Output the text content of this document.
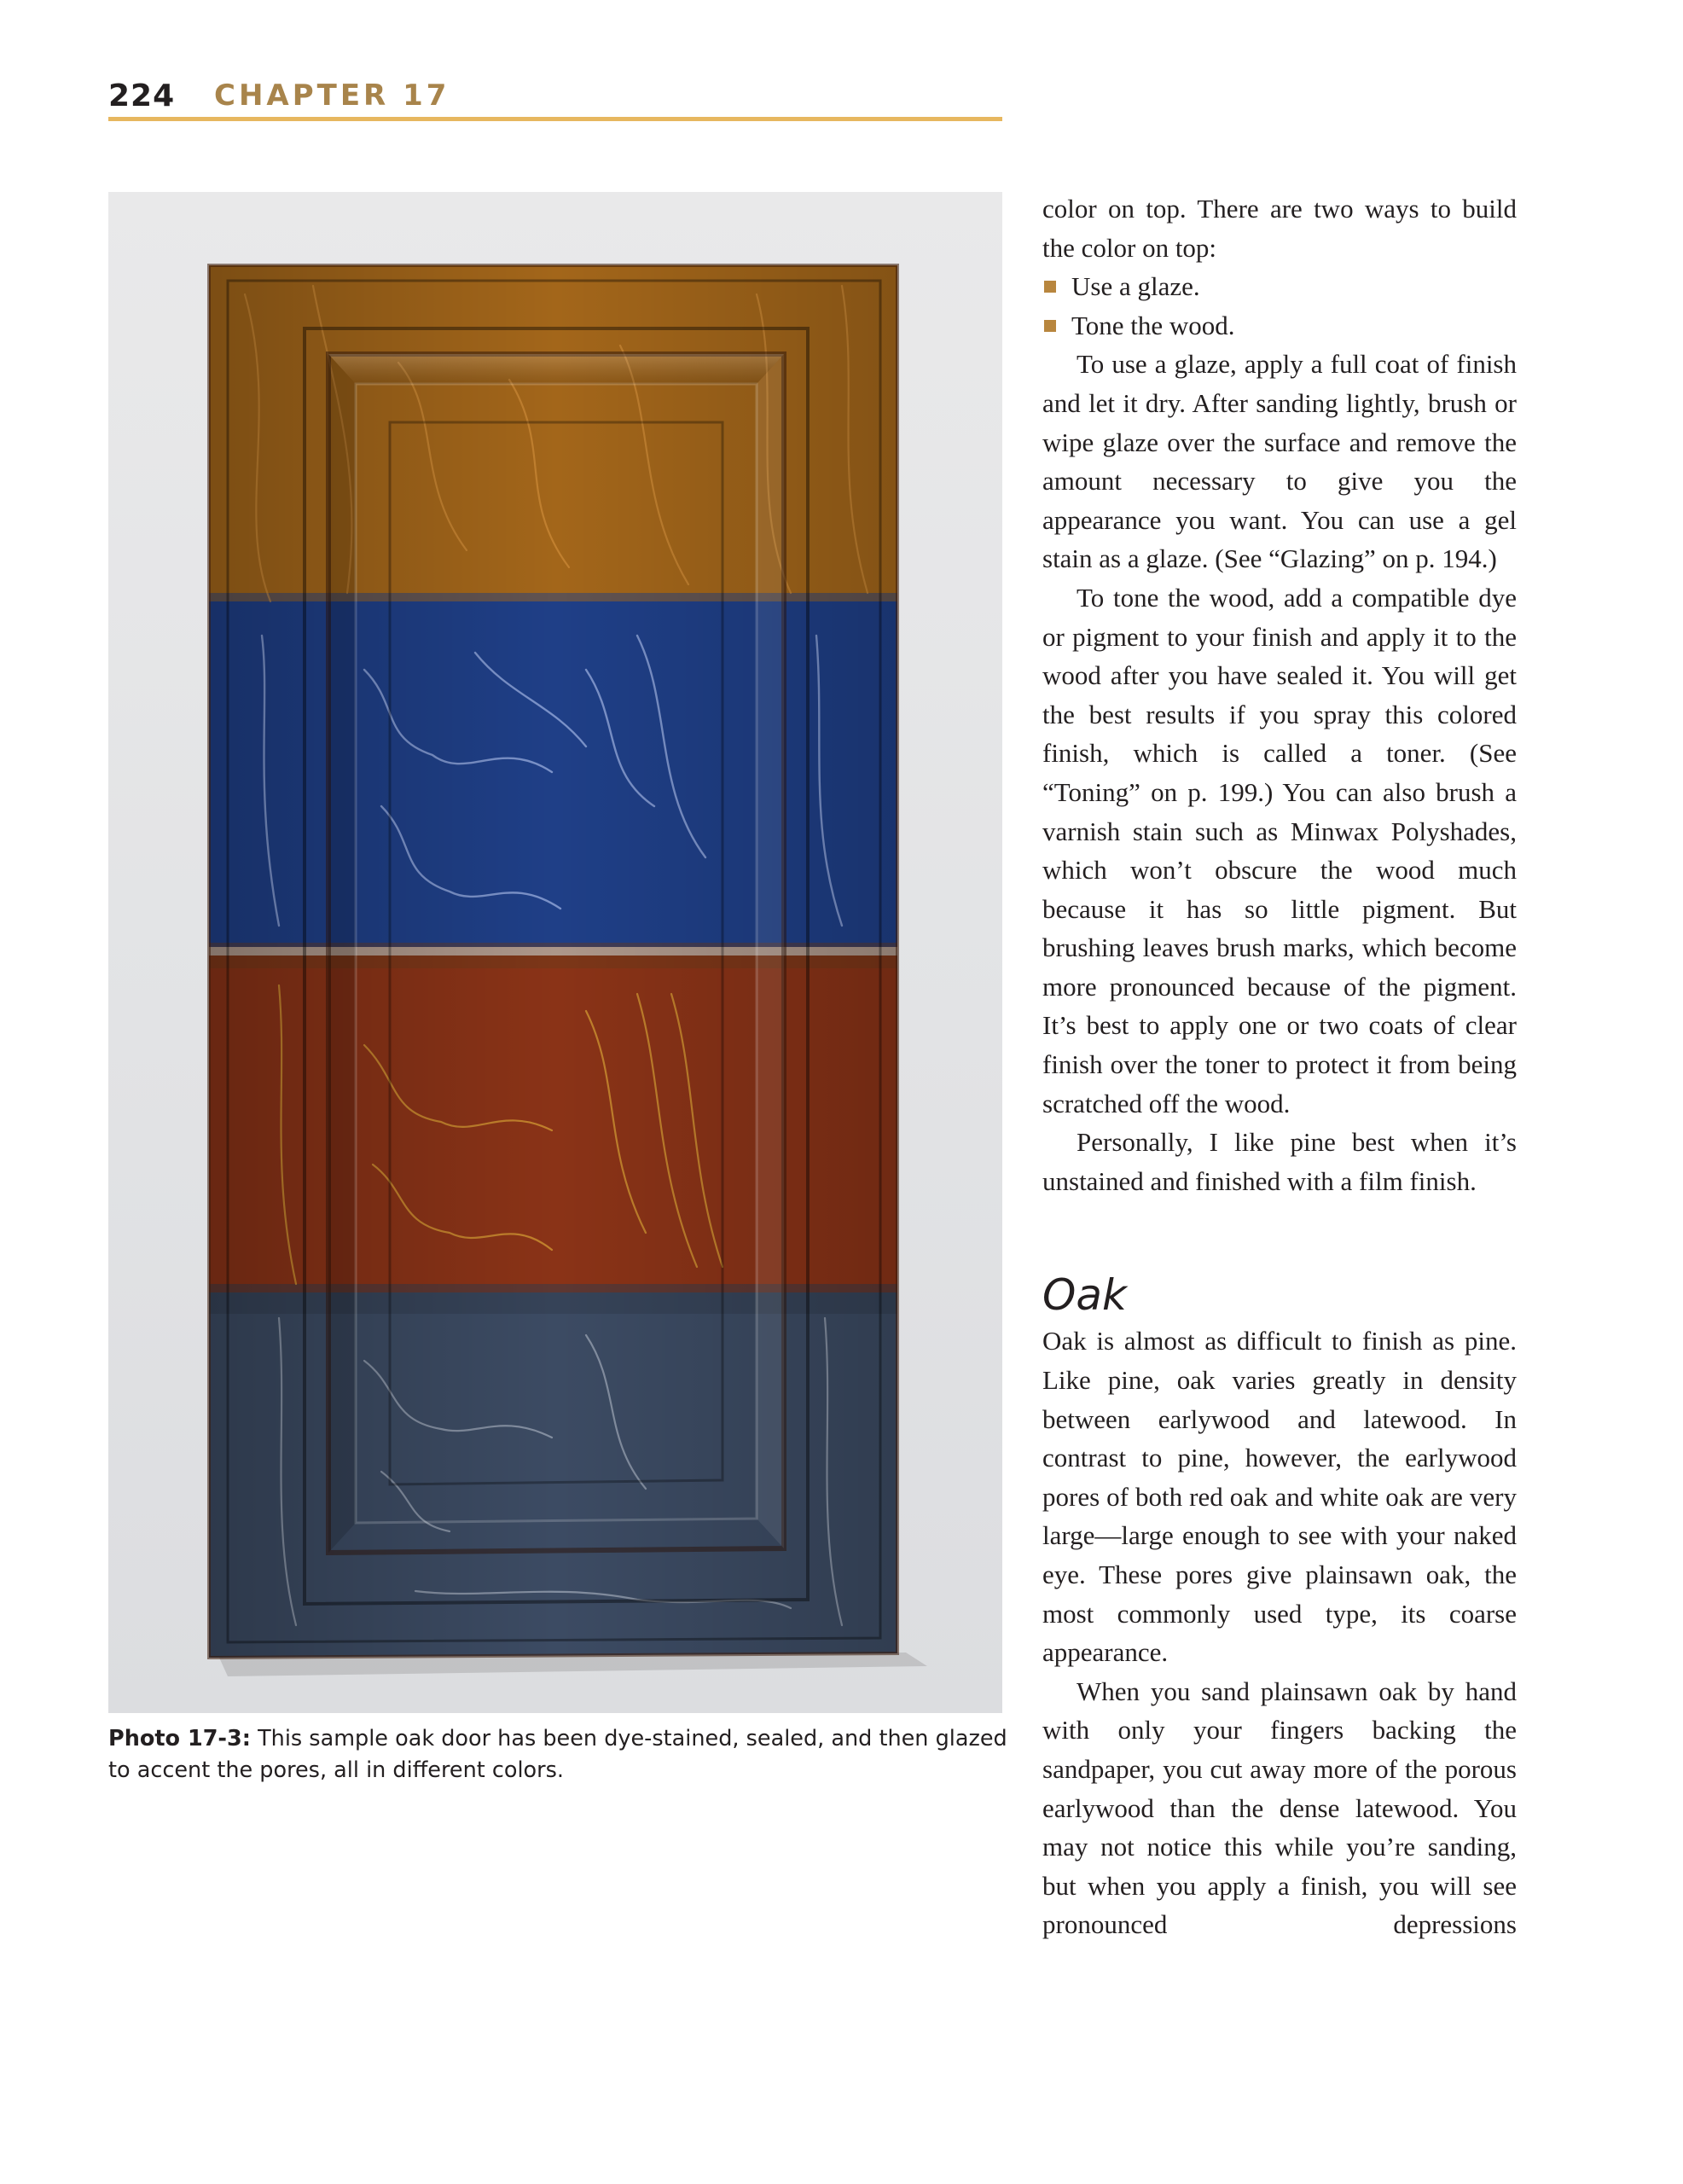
224 CHAPTER 17
Photo 17-3: This sample oak door has been dye-stained, sealed, and then glazed to accent the pores, all in different colors.

color on top. There are two ways to build the color on top:

Use a glaze.
Tone the wood.

To use a glaze, apply a full coat of finish and let it dry. After sanding lightly, brush or wipe glaze over the surface and remove the amount necessary to give you the appearance you want. You can use a gel stain as a glaze. (See “Glazing” on p. 194.)

To tone the wood, add a compatible dye or pigment to your finish and apply it to the wood after you have sealed it. You will get the best results if you spray this colored finish, which is called a toner. (See “Toning” on p. 199.) You can also brush a varnish stain such as Minwax Polyshades, which won’t obscure the wood much because it has so little pigment. But brushing leaves brush marks, which become more pronounced because of the pigment. It’s best to apply one or two coats of clear finish over the toner to protect it from being scratched off the wood.

Personally, I like pine best when it’s unstained and finished with a film finish.

Oak

Oak is almost as difficult to finish as pine. Like pine, oak varies greatly in density between earlywood and latewood. In contrast to pine, however, the earlywood pores of both red oak and white oak are very large—large enough to see with your naked eye. These pores give plainsawn oak, the most commonly used type, its coarse appearance.

When you sand plainsawn oak by hand with only your fingers backing the sandpaper, you cut away more of the porous earlywood than the dense latewood. You may not notice this while you’re sanding, but when you apply a finish, you will see pronounced depressions
